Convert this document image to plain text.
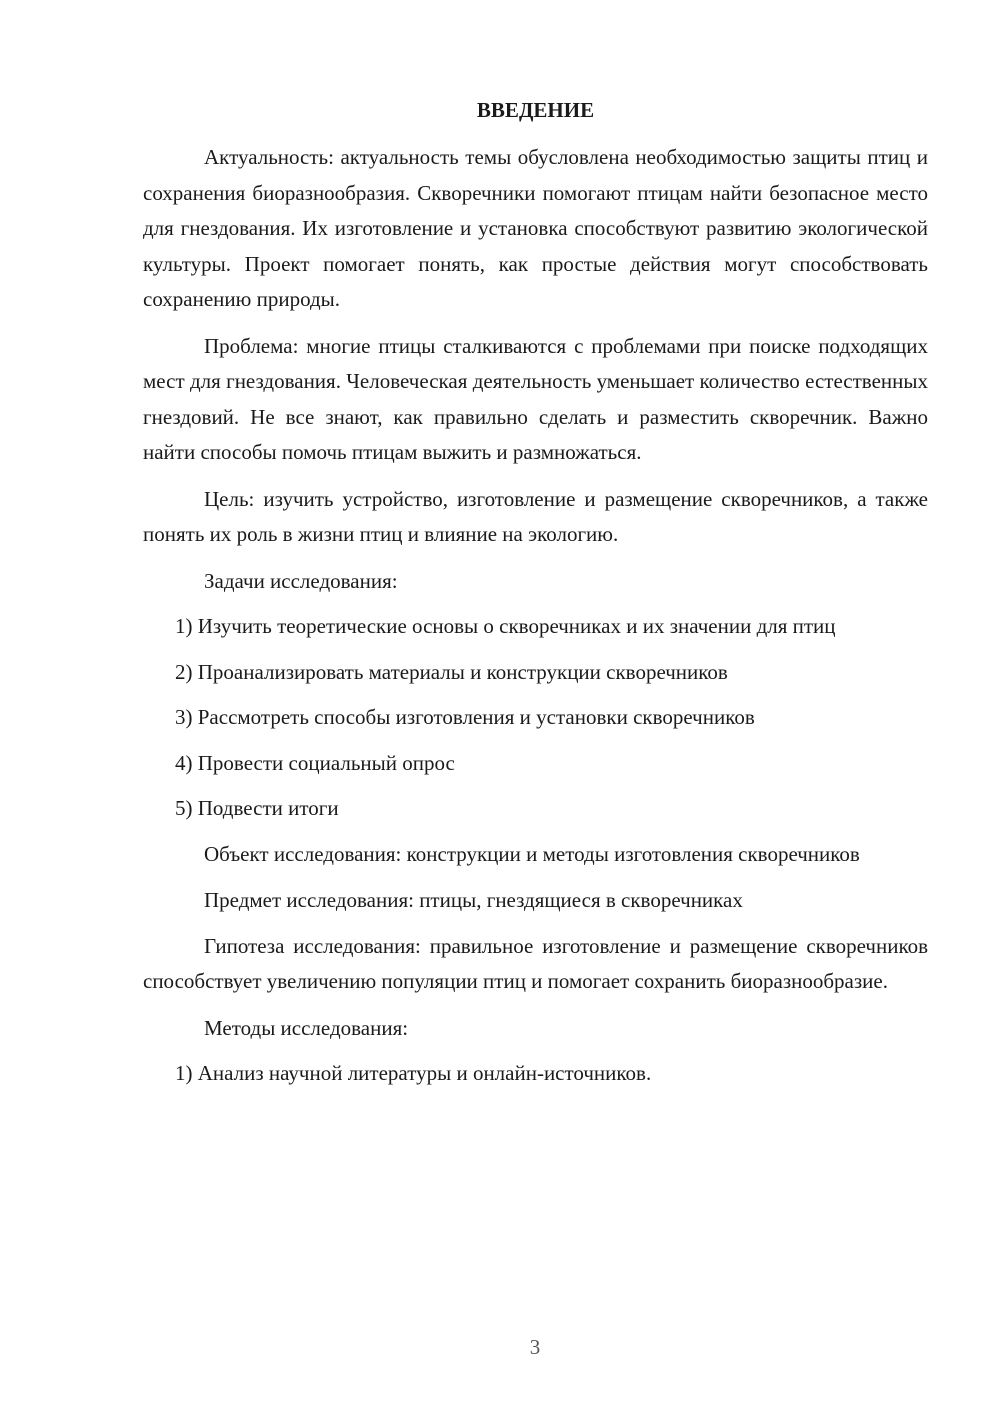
ВВЕДЕНИЕ

Актуальность: актуальность темы обусловлена необходимостью защиты птиц и сохранения биоразнообразия. Скворечники помогают птицам найти безопасное место для гнездования. Их изготовление и установка способствуют развитию экологической культуры. Проект помогает понять, как простые действия могут способствовать сохранению природы.

Проблема: многие птицы сталкиваются с проблемами при поиске подходящих мест для гнездования. Человеческая деятельность уменьшает количество естественных гнездовий. Не все знают, как правильно сделать и разместить скворечник. Важно найти способы помочь птицам выжить и размножаться.

Цель: изучить устройство, изготовление и размещение скворечников, а также понять их роль в жизни птиц и влияние на экологию.

Задачи исследования:

1) Изучить теоретические основы о скворечниках и их значении для птиц

2) Проанализировать материалы и конструкции скворечников

3) Рассмотреть способы изготовления и установки скворечников

4) Провести социальный опрос

5) Подвести итоги

Объект исследования: конструкции и методы изготовления скворечников

Предмет исследования: птицы, гнездящиеся в скворечниках

Гипотеза исследования: правильное изготовление и размещение скворечников способствует увеличению популяции птиц и помогает сохранить биоразнообразие.

Методы исследования:

1) Анализ научной литературы и онлайн-источников.

3
